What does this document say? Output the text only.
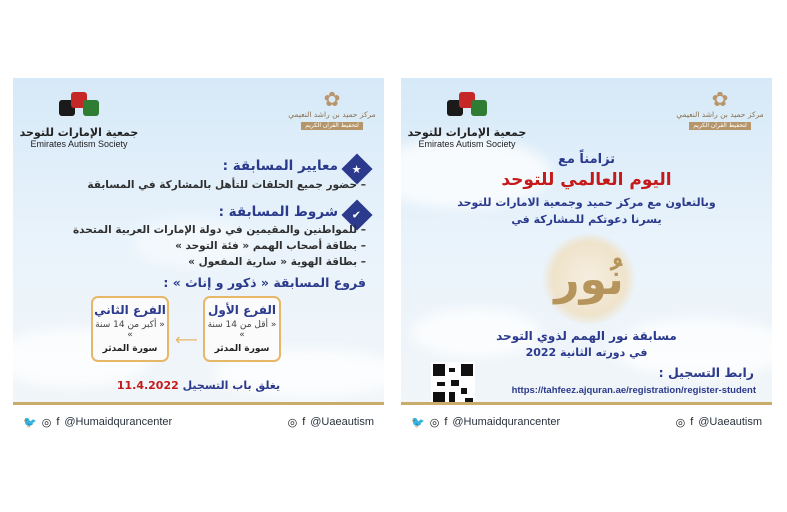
جمعية الإمارات للتوحد
Emirates Autism Society
✿
مركز حميد بن راشد النعيمي
لتحفيظ القرآن الكريم
★
معايير المسابقة :
– حضور جميع الحلقات للتأهل بالمشاركة في المسابقة
✔
شروط المسابقة :
– للمواطنين والمقيمين في دولة الإمارات العربية المتحدة
– بطاقة أصحاب الهمم « فئة التوحد »
– بطاقة الهوية « سارية المفعول »
فروع المسابقة « ذكور و إناث » :
الفرع الأول
« أقل من 14 سنة »
سورة المدثر
⟵
الفرع الثاني
« أكبر من 14 سنة »
سورة المدثر
يغلق باب التسجيل 11.4.2022
🐦 ◎ f @Humaidqurancenter	◎ f @Uaeautism
جمعية الإمارات للتوحد
Emirates Autism Society
✿
مركز حميد بن راشد النعيمي
لتحفيظ القرآن الكريم
تزامناً مع
اليوم العالمي للتوحد
وبالتعاون مع مركز حميد وجمعية الامارات للتوحد
يسرنا دعوتكم للمشاركة في
نُور
مسابقة نور الهمم لذوي التوحد
في دورته الثانية 2022
رابط التسجيل :
https://tahfeez.ajquran.ae/registration/register-student
🐦 ◎ f @Humaidqurancenter	◎ f @Uaeautism
